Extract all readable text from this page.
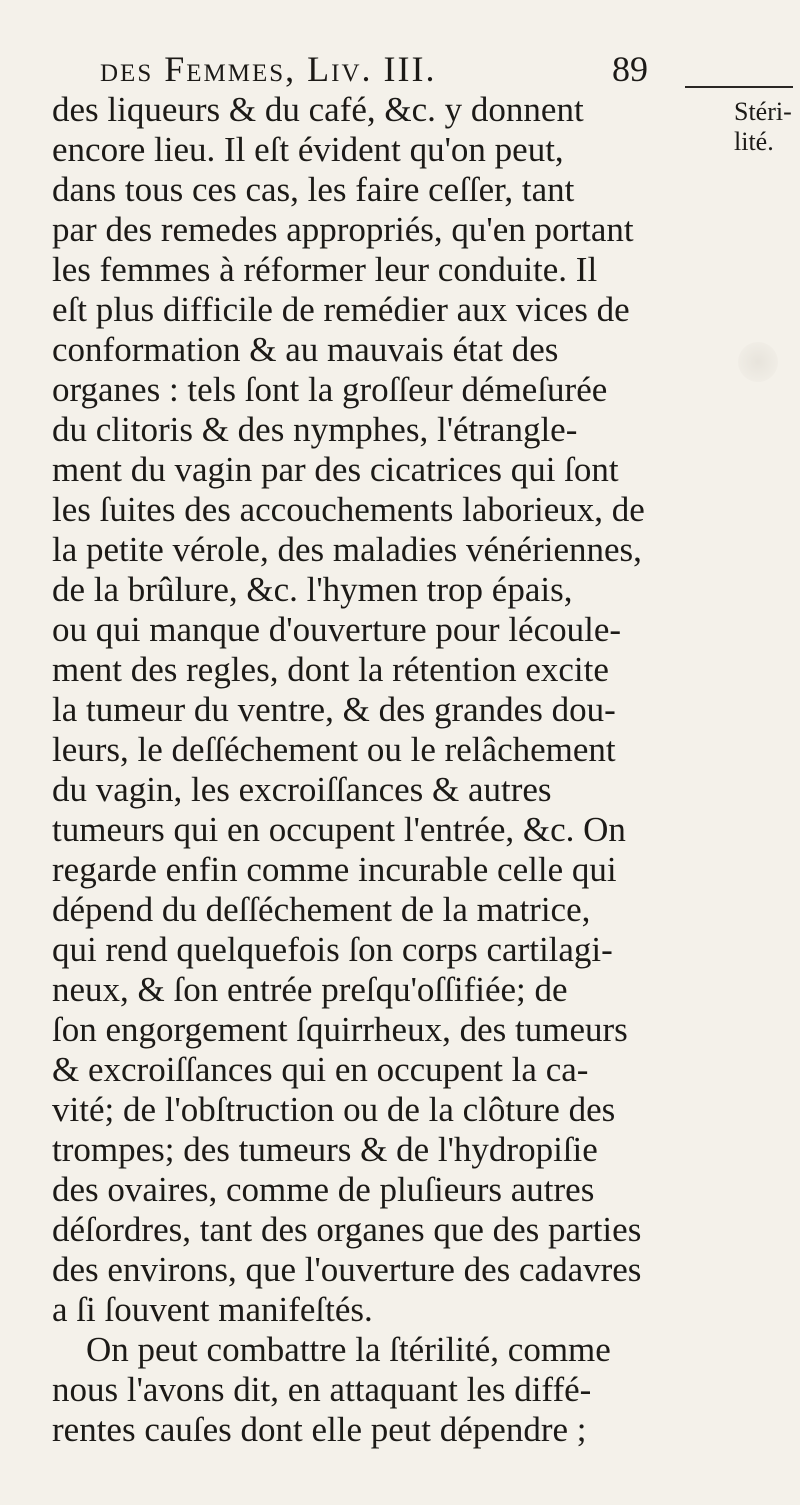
des Femmes, Liv. III.	89
Stéri-
lité.
des liqueurs & du café, &c. y donnent
encore lieu. Il eſt évident qu'on peut,
dans tous ces cas, les faire ceſſer, tant
par des remedes appropriés, qu'en portant
les femmes à réformer leur conduite. Il
eſt plus difficile de remédier aux vices de
conformation & au mauvais état des
organes : tels ſont la groſſeur démeſurée
du clitoris & des nymphes, l'étrangle-
ment du vagin par des cicatrices qui ſont
les ſuites des accouchements laborieux, de
la petite vérole, des maladies vénériennes,
de la brûlure, &c. l'hymen trop épais,
ou qui manque d'ouverture pour lécoule-
ment des regles, dont la rétention excite
la tumeur du ventre, & des grandes dou-
leurs, le deſſéchement ou le relâchement
du vagin, les excroiſſances & autres
tumeurs qui en occupent l'entrée, &c. On
regarde enfin comme incurable celle qui
dépend du deſſéchement de la matrice,
qui rend quelquefois ſon corps cartilagi-
neux, & ſon entrée preſqu'oſſifiée; de
ſon engorgement ſquirrheux, des tumeurs
& excroiſſances qui en occupent la ca-
vité; de l'obſtruction ou de la clôture des
trompes; des tumeurs & de l'hydropiſie
des ovaires, comme de pluſieurs autres
déſordres, tant des organes que des parties
des environs, que l'ouverture des cadavres
a ſi ſouvent manifeſtés.
On peut combattre la ſtérilité, comme
nous l'avons dit, en attaquant les diffé-
rentes cauſes dont elle peut dépendre ;
